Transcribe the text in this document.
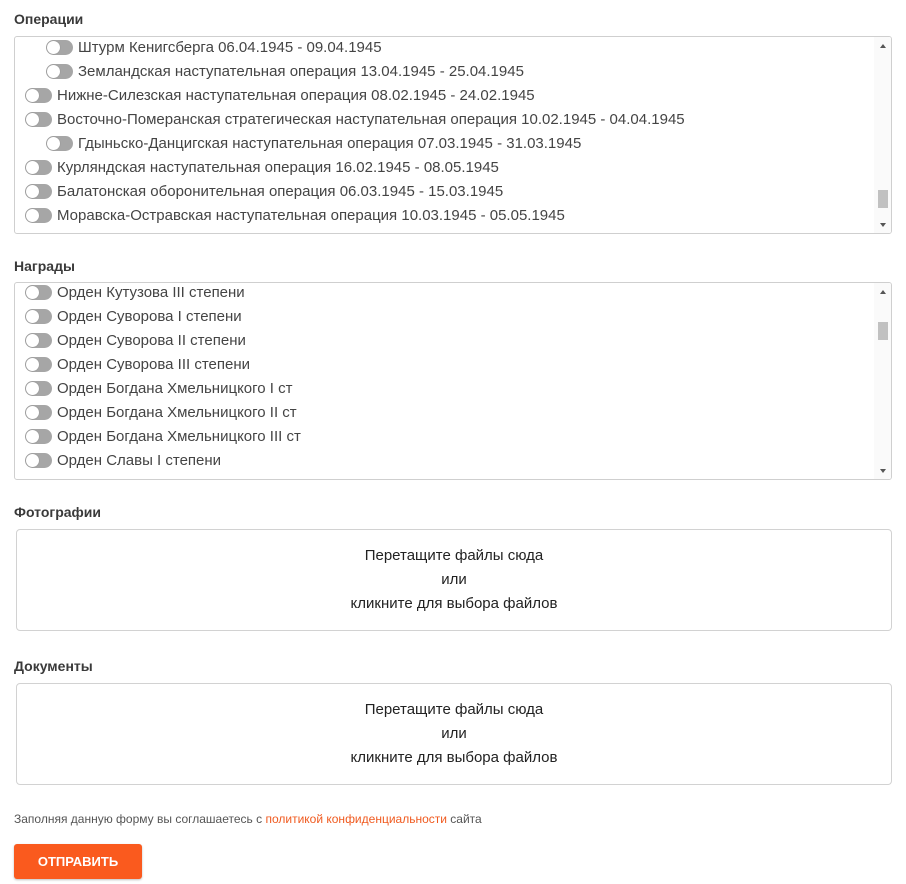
Операции
Штурм Кенигсберга 06.04.1945 - 09.04.1945
Земландская наступательная операция 13.04.1945 - 25.04.1945
Нижне-Силезская наступательная операция 08.02.1945 - 24.02.1945
Восточно-Померанская стратегическая наступательная операция 10.02.1945 - 04.04.1945
Гдыньско-Данцигская наступательная операция 07.03.1945 - 31.03.1945
Курляндская наступательная операция 16.02.1945 - 08.05.1945
Балатонская оборонительная операция 06.03.1945 - 15.03.1945
Моравска-Остравская наступательная операция 10.03.1945 - 05.05.1945
Награды
Орден Кутузова III степени
Орден Суворова I степени
Орден Суворова II степени
Орден Суворова III степени
Орден Богдана Хмельницкого I ст
Орден Богдана Хмельницкого II ст
Орден Богдана Хмельницкого III ст
Орден Славы I степени
Фотографии
Перетащите файлы сюда
или
кликните для выбора файлов
Документы
Перетащите файлы сюда
или
кликните для выбора файлов
Заполняя данную форму вы соглашаетесь с политикой конфиденциальности сайта
ОТПРАВИТЬ
